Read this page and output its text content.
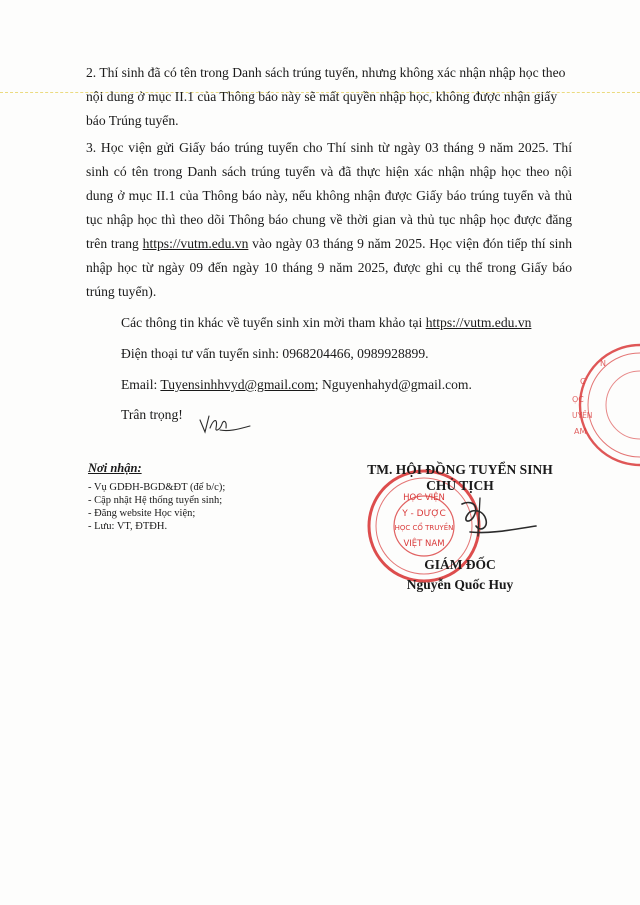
2. Thí sinh đã có tên trong Danh sách trúng tuyển, nhưng không xác nhận nhập học theo
nội dung ở mục II.1 của Thông báo này sẽ mất quyền nhập học, không được nhận giấy
báo Trúng tuyển.
3. Học viện gửi Giấy báo trúng tuyển cho Thí sinh từ ngày 03 tháng 9 năm 2025. Thí sinh có tên trong Danh sách trúng tuyển và đã thực hiện xác nhận nhập học theo nội dung ở mục II.1 của Thông báo này, nếu không nhận được Giấy báo trúng tuyển và thủ tục nhập học thì theo dõi Thông báo chung về thời gian và thủ tục nhập học được đăng trên trang https://vutm.edu.vn vào ngày 03 tháng 9 năm 2025. Học viện đón tiếp thí sinh nhập học từ ngày 09 đến ngày 10 tháng 9 năm 2025, được ghi cụ thể trong Giấy báo trúng tuyển).
Các thông tin khác về tuyển sinh xin mời tham khảo tại https://vutm.edu.vn
Điện thoại tư vấn tuyển sinh: 0968204466, 0989928899.
Email: Tuyensinhhvyd@gmail.com; Nguyenhahyd@gmail.com.
Trân trọng!
Nơi nhận:
- Vụ GDĐH-BGD&ĐT (để b/c);
- Cập nhật Hệ thống tuyển sinh;
- Đăng website Học viện;
- Lưu: VT, ĐTĐH.
N
C
ỌC
UYỀN
AM
HỌC VIỆN
Y - DƯỢC
HỌC CỔ TRUYỀN
VIỆT NAM
TM. HỘI ĐỒNG TUYỂN SINH
CHỦ TỊCH
GIÁM ĐỐC
Nguyễn Quốc Huy
